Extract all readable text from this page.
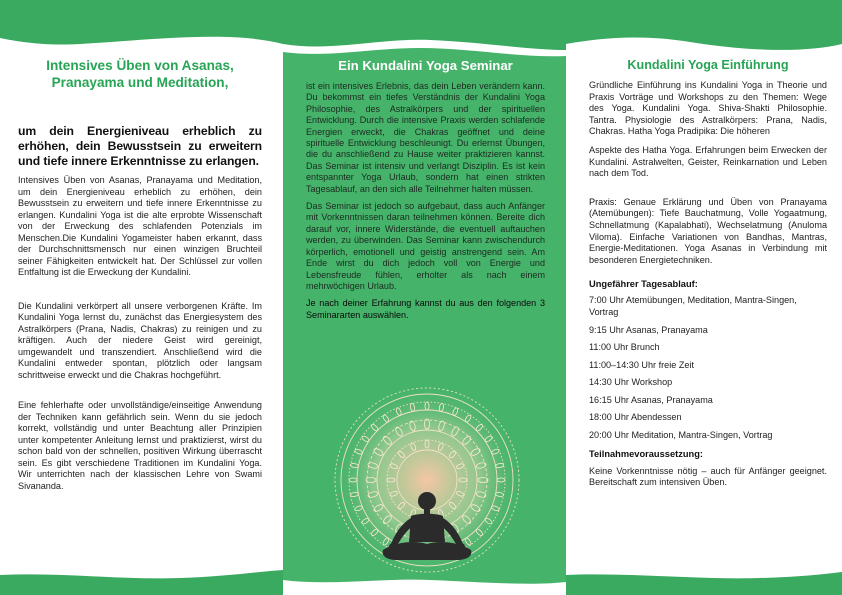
Intensives Üben von Asanas, Pranayama und Meditation,

um dein Energieniveau erheblich zu erhöhen, dein Bewusstsein zu erweitern und tiefe innere Erkenntnisse zu erlangen.

Intensives Üben von Asanas, Pranayama und Meditation, um dein Energieniveau erheblich zu erhöhen, dein Bewusstsein zu erweitern und tiefe innere Erkenntnisse zu erlangen. Kundalini Yoga ist die alte erprobte Wissenschaft von der Erweckung des schlafenden Potenzials im Menschen.Die Kundalini Yogameister haben erkannt, dass der Durchschnittsmensch nur einen winzigen Bruchteil seiner Fähigkeiten entwickelt hat. Der Schlüssel zur vollen Entfaltung ist die Erweckung der Kundalini.

Die Kundalini verkörpert all unsere verborgenen Kräfte. Im Kundalini Yoga lernst du, zunächst das Energiesystem des Astralkörpers (Prana, Nadis, Chakras) zu reinigen und zu kräftigen. Auch der niedere Geist wird gereinigt, umgewandelt und transzendiert. Anschließend wird die Kundalini entweder spontan, plötzlich oder langsam schrittweise erweckt und die Chakras hochgeführt.

Eine fehlerhafte oder unvollständige/einseitige Anwendung der Techniken kann gefährlich sein. Wenn du sie jedoch korrekt, vollständig und unter Beachtung aller Prinzipien unter kompetenter Anleitung lernst und praktizierst, wirst du schon bald von der schnellen, positiven Wirkung überrascht sein. Es gibt verschiedene Traditionen im Kundalini Yoga. Wir unterrichten nach der klassischen Lehre von Swami Sivananda.

Ein Kundalini Yoga Seminar

ist ein intensives Erlebnis, das dein Leben verändern kann. Du bekommst ein tiefes Verständnis der Kundalini Yoga Philosophie, des Astralkörpers und der spirituellen Entwicklung. Durch die intensive Praxis werden schlafende Energien erweckt, die Chakras geöffnet und deine spirituelle Entwicklung beschleunigt. Du erlernst Übungen, die du anschließend zu Hause weiter praktizieren kannst. Das Seminar ist intensiv und verlangt Disziplin. Es ist kein entspannter Yoga Urlaub, sondern hat einen strikten Tagesablauf, an den sich alle Teilnehmer halten müssen.

Das Seminar ist jedoch so aufgebaut, dass auch Anfänger mit Vorkenntnissen daran teilnehmen können. Bereite dich darauf vor, innere Widerstände, die eventuell auftauchen werden, zu überwinden. Das Seminar kann zwischendurch körperlich, emotionell und geistig anstrengend sein. Am Ende wirst du dich jedoch voll von Energie und Lebensfreude fühlen, erholter als nach einem mehrwöchigen Urlaub.

Je nach deiner Erfahrung kannst du aus den folgenden 3 Seminararten auswählen.

Kundalini Yoga Einführung

Gründliche Einführung ins Kundalini Yoga in Theorie und Praxis Vorträge und Workshops zu den Themen: Wege des Yoga. Kundalini Yoga. Shiva-Shakti Philosophie. Tantra. Physiologie des Astralkörpers: Prana, Nadis, Chakras. Hatha Yoga Pradipika: Die höheren

Aspekte des Hatha Yoga. Erfahrungen beim Erwecken der Kundalini. Astralwelten, Geister, Reinkarnation und Leben nach dem Tod.

Praxis: Genaue Erklärung und Üben von Pranayama (Atemübungen): Tiefe Bauchatmung, Volle Yogaatmung, Schnellatmung (Kapalabhati), Wechselatmung (Anuloma Viloma). Einfache Variationen von Bandhas, Mantras, Energie-Meditationen. Yoga Asanas in Verbindung mit besonderen Energietechniken.

Ungefährer Tagesablauf:
7:00 Uhr Atemübungen, Meditation, Mantra-Singen, Vortrag
9:15 Uhr Asanas, Pranayama
11:00 Uhr Brunch
11:00–14:30 Uhr freie Zeit
14:30 Uhr Workshop
16:15 Uhr Asanas, Pranayama
18:00 Uhr Abendessen
20:00 Uhr Meditation, Mantra-Singen, Vortrag
Teilnahmevoraussetzung:

Keine Vorkenntnisse nötig – auch für Anfänger geeignet. Bereitschaft zum intensiven Üben.
